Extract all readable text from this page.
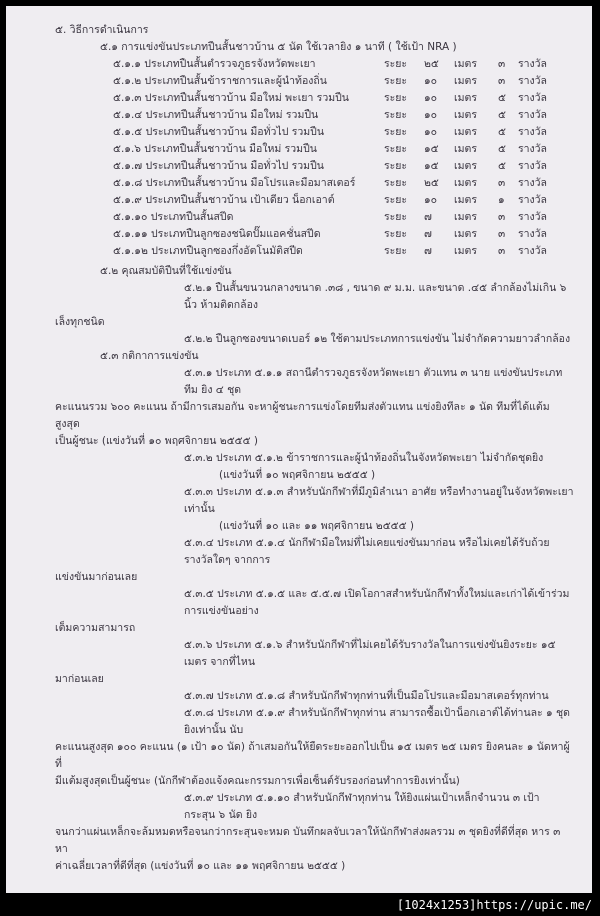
๕. วิธีการดำเนินการ
๕.๑ การแข่งขันประเภทปืนสั้นชาวบ้าน ๕ นัด ใช้เวลายิง ๑ นาที ( ใช้เป้า NRA )
๕.๑.๑ ประเภทปืนสั้นตำรวจภูธรจังหวัดพะเยา	ระยะ	๒๕	เมตร	๓	รางวัล
๕.๑.๒ ประเภทปืนสั้นข้าราชการและผู้นำท้องถิ่น	ระยะ	๑๐	เมตร	๓	รางวัล
๕.๑.๓ ประเภทปืนสั้นชาวบ้าน มือใหม่ พะเยา รวมปืน	ระยะ	๑๐	เมตร	๕	รางวัล
๕.๑.๔ ประเภทปืนสั้นชาวบ้าน มือใหม่ รวมปืน	ระยะ	๑๐	เมตร	๕	รางวัล
๕.๑.๕ ประเภทปืนสั้นชาวบ้าน มือทั่วไป รวมปืน	ระยะ	๑๐	เมตร	๕	รางวัล
๕.๑.๖ ประเภทปืนสั้นชาวบ้าน มือใหม่ รวมปืน	ระยะ	๑๕	เมตร	๕	รางวัล
๕.๑.๗ ประเภทปืนสั้นชาวบ้าน มือทั่วไป รวมปืน	ระยะ	๑๕	เมตร	๕	รางวัล
๕.๑.๘ ประเภทปืนสั้นชาวบ้าน มือโปรและมือมาสเตอร์	ระยะ	๒๕	เมตร	๓	รางวัล
๕.๑.๙ ประเภทปืนสั้นชาวบ้าน เป้าเดียว น็อกเอาต์	ระยะ	๑๐	เมตร	๑	รางวัล
๕.๑.๑๐ ประเภทปืนสั้นสปีด	ระยะ	๗	เมตร	๓	รางวัล
๕.๑.๑๑ ประเภทปืนลูกซองชนิดปั๊มแอคชั่นสปีด	ระยะ	๗	เมตร	๓	รางวัล
๕.๑.๑๒ ประเภทปืนลูกซองกึ่งอัตโนมัติสปีด	ระยะ	๗	เมตร	๓	รางวัล
๕.๒ คุณสมบัติปืนที่ใช้แข่งขัน
๕.๒.๑ ปืนสั้นขนวนกลางขนาด .๓๘ , ขนาด ๙ ม.ม. และขนาด .๔๕ ลำกล้องไม่เกิน ๖ นิ้ว ห้ามติดกล้อง
เล็งทุกชนิด
๕.๒.๒ ปืนลูกซองขนาดเบอร์ ๑๒ ใช้ตามประเภทการแข่งขัน ไม่จำกัดความยาวลำกล้อง
๕.๓ กติกาการแข่งขัน
๕.๓.๑ ประเภท ๕.๑.๑ สถานีตำรวจภูธรจังหวัดพะเยา ตัวแทน ๓ นาย แข่งขันประเภททีม ยิง ๔ ชุด
คะแนนรวม ๖๐๐ คะแนน ถ้ามีการเสมอกัน จะหาผู้ชนะการแข่งโดยทีมส่งตัวแทน แข่งยิงทีละ ๑ นัด ทีมที่ได้แต้มสูงสุด
เป็นผู้ชนะ (แข่งวันที่ ๑๐ พฤศจิกายน ๒๕๕๕ )
๕.๓.๒ ประเภท ๕.๑.๒ ข้าราชการและผู้นำท้องถิ่นในจังหวัดพะเยา ไม่จำกัดชุดยิง
(แข่งวันที่ ๑๐ พฤศจิกายน ๒๕๕๕ )
๕.๓.๓ ประเภท ๕.๑.๓ สำหรับนักกีฬาที่มีภูมิลำเนา อาศัย หรือทำงานอยู่ในจังหวัดพะเยา เท่านั้น
(แข่งวันที่ ๑๐ และ ๑๑ พฤศจิกายน ๒๕๕๕ )
๕.๓.๔ ประเภท ๕.๑.๔ นักกีฬามือใหม่ที่ไม่เคยแข่งขันมาก่อน หรือไม่เคยได้รับถ้วยรางวัลใดๆ จากการ
แข่งขันมาก่อนเลย
๕.๓.๕ ประเภท ๕.๑.๕ และ ๕.๕.๗ เปิดโอกาสสำหรับนักกีฬาทั้งใหม่และเก่าได้เข้าร่วมการแข่งขันอย่าง
เต็มความสามารถ
๕.๓.๖ ประเภท ๕.๑.๖ สำหรับนักกีฬาที่ไม่เคยได้รับรางวัลในการแข่งขันยิงระยะ ๑๕ เมตร จากที่ไหน
มาก่อนเลย
๕.๓.๗ ประเภท ๕.๑.๘ สำหรับนักกีฬาทุกท่านที่เป็นมือโปรและมือมาสเตอร์ทุกท่าน
๕.๓.๘ ประเภท ๕.๑.๙ สำหรับนักกีฬาทุกท่าน สามารถซื้อเป้าน็อกเอาต์ได้ท่านละ ๑ ชุดยิงเท่านั้น นับ
คะแนนสูงสุด ๑๐๐ คะแนน (๑ เป้า ๑๐ นัด) ถ้าเสมอกันให้ยืดระยะออกไปเป็น ๑๕ เมตร ๒๕ เมตร ยิงคนละ ๑ นัดหาผู้ที่
มีแต้มสูงสุดเป็นผู้ชนะ (นักกีฬาต้องแจ้งคณะกรรมการเพื่อเซ็นต์รับรองก่อนทำการยิงเท่านั้น)
๕.๓.๙ ประเภท ๕.๑.๑๐ สำหรับนักกีฬาทุกท่าน ให้ยิงแผ่นเป้าเหล็กจำนวน ๓ เป้า กระสุน ๖ นัด ยิง
จนกว่าแผ่นเหล็กจะล้มหมดหรือจนกว่ากระสุนจะหมด บันทึกผลจับเวลาให้นักกีฬาส่งผลรวม ๓ ชุดยิงที่ดีที่สุด หาร ๓ หา
ค่าเฉลี่ยเวลาที่ดีที่สุด (แข่งวันที่ ๑๐ และ ๑๑ พฤศจิกายน ๒๕๕๕ )
[1024x1253]https://upic.me/
